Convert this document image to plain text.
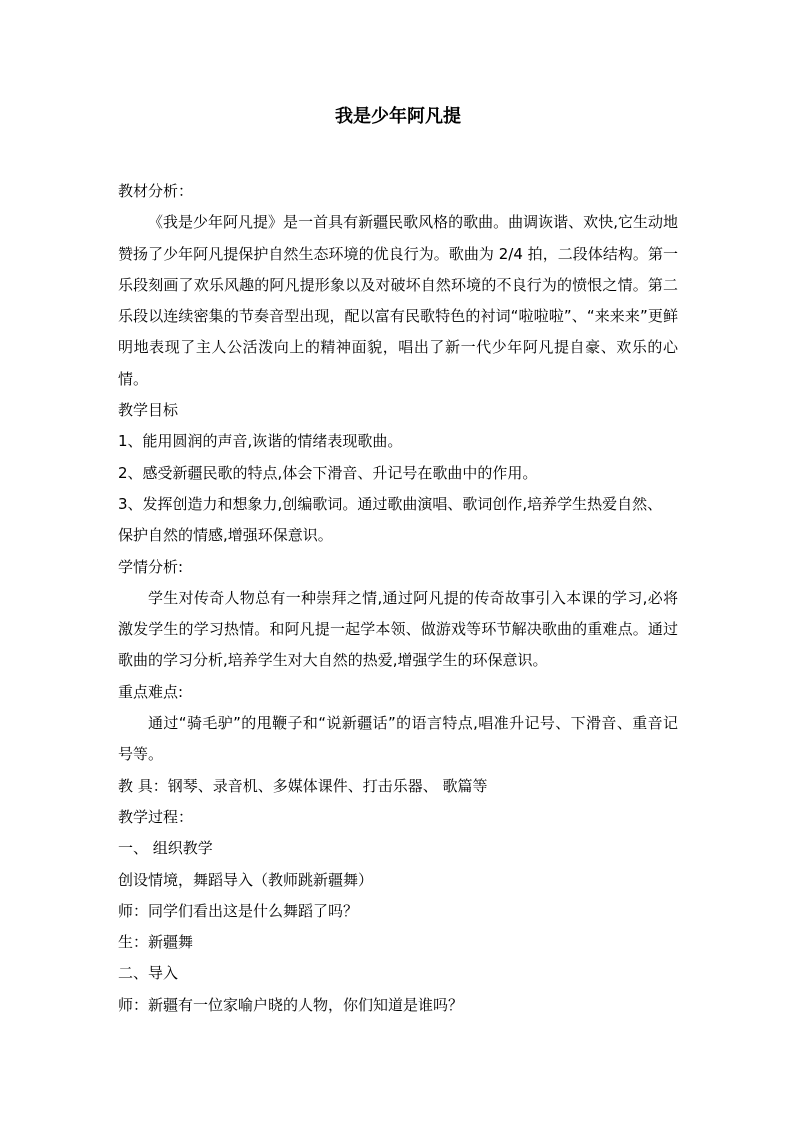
我是少年阿凡提

教材分析：

《我是少年阿凡提》是一首具有新疆民歌风格的歌曲。曲调诙谐、欢快,它生动地赞扬了少年阿凡提保护自然生态环境的优良行为。歌曲为 2/4 拍，二段体结构。第一乐段刻画了欢乐风趣的阿凡提形象以及对破坏自然环境的不良行为的愤恨之情。第二乐段以连续密集的节奏音型出现，配以富有民歌特色的衬词“啦啦啦”、“来来来”更鲜明地表现了主人公活泼向上的精神面貌，唱出了新一代少年阿凡提自豪、欢乐的心情。

教学目标

1、能用圆润的声音,诙谐的情绪表现歌曲。

2、感受新疆民歌的特点,体会下滑音、升记号在歌曲中的作用。

3、发挥创造力和想象力,创编歌词。通过歌曲演唱、歌词创作,培养学生热爱自然、

保护自然的情感,增强环保意识。

学情分析:

学生对传奇人物总有一种崇拜之情,通过阿凡提的传奇故事引入本课的学习,必将激发学生的学习热情。和阿凡提一起学本领、做游戏等环节解决歌曲的重难点。通过歌曲的学习分析,培养学生对大自然的热爱,增强学生的环保意识。

重点难点:

通过“骑毛驴”的甩鞭子和“说新疆话”的语言特点,唱准升记号、下滑音、重音记号等。

教 具：钢琴、录音机、多媒体课件、打击乐器、 歌篇等

教学过程：

一、 组织教学

创设情境，舞蹈导入（教师跳新疆舞）

师：同学们看出这是什么舞蹈了吗？

生：新疆舞

二、导入

师：新疆有一位家喻户晓的人物，你们知道是谁吗？
